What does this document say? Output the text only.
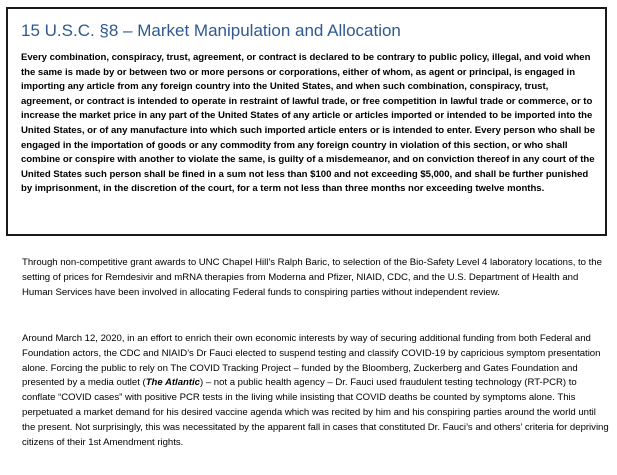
15 U.S.C. §8 – Market Manipulation and Allocation

Every combination, conspiracy, trust, agreement, or contract is declared to be contrary to public policy, illegal, and void when the same is made by or between two or more persons or corporations, either of whom, as agent or principal, is engaged in importing any article from any foreign country into the United States, and when such combination, conspiracy, trust, agreement, or contract is intended to operate in restraint of lawful trade, or free competition in lawful trade or commerce, or to increase the market price in any part of the United States of any article or articles imported or intended to be imported into the United States, or of any manufacture into which such imported article enters or is intended to enter. Every person who shall be engaged in the importation of goods or any commodity from any foreign country in violation of this section, or who shall combine or conspire with another to violate the same, is guilty of a misdemeanor, and on conviction thereof in any court of the United States such person shall be fined in a sum not less than $100 and not exceeding $5,000, and shall be further punished by imprisonment, in the discretion of the court, for a term not less than three months nor exceeding twelve months.

Through non-competitive grant awards to UNC Chapel Hill’s Ralph Baric, to selection of the Bio-Safety Level 4 laboratory locations, to the setting of prices for Remdesivir and mRNA therapies from Moderna and Pfizer, NIAID, CDC, and the U.S. Department of Health and Human Services have been involved in allocating Federal funds to conspiring parties without independent review.

Around March 12, 2020, in an effort to enrich their own economic interests by way of securing additional funding from both Federal and Foundation actors, the CDC and NIAID’s Dr Fauci elected to suspend testing and classify COVID-19 by capricious symptom presentation alone. Forcing the public to rely on The COVID Tracking Project – funded by the Bloomberg, Zuckerberg and Gates Foundation and presented by a media outlet (The Atlantic) – not a public health agency – Dr. Fauci used fraudulent testing technology (RT-PCR) to conflate “COVID cases” with positive PCR tests in the living while insisting that COVID deaths be counted by symptoms alone. This perpetuated a market demand for his desired vaccine agenda which was recited by him and his conspiring parties around the world until the present. Not surprisingly, this was necessitated by the apparent fall in cases that constituted Dr. Fauci’s and others’ criteria for depriving citizens of their 1st Amendment rights.
